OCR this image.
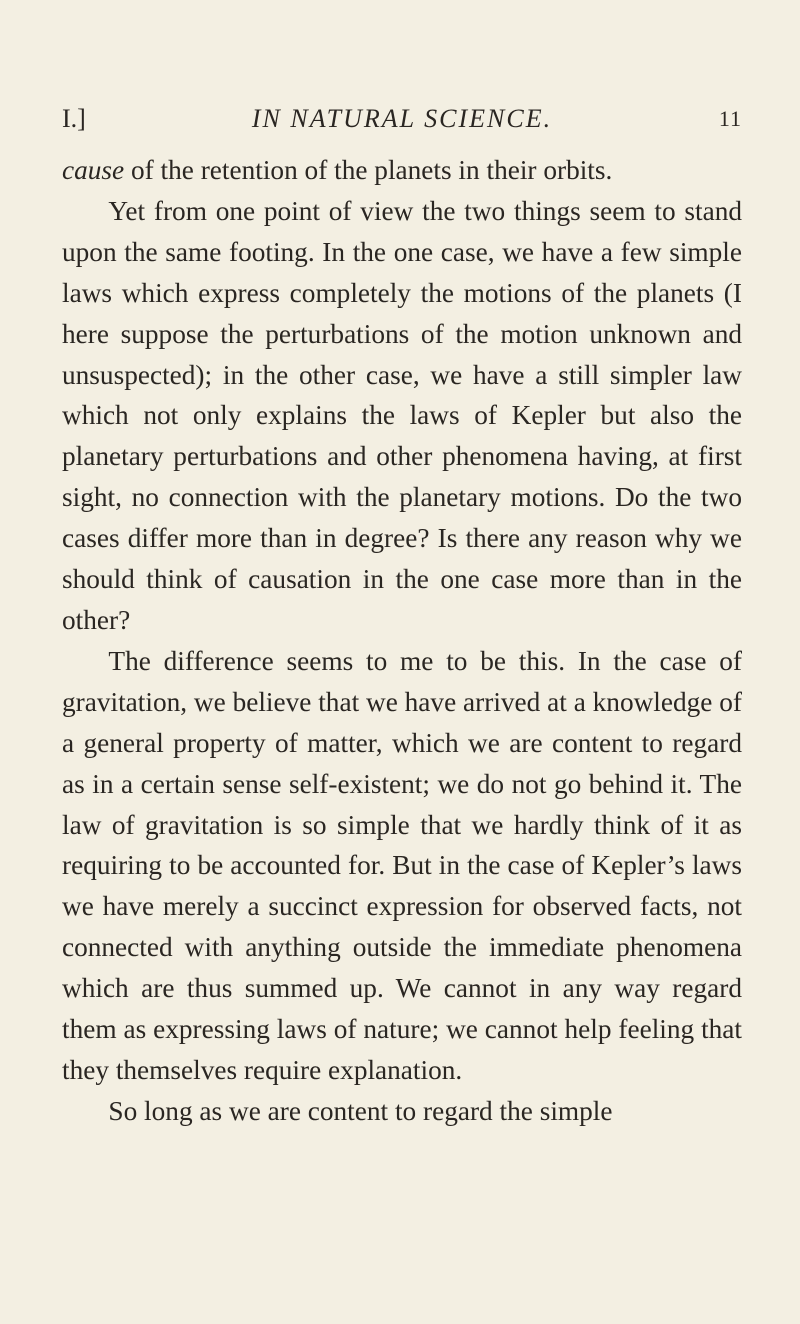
I.]	IN NATURAL SCIENCE.	11

cause of the retention of the planets in their orbits.

Yet from one point of view the two things seem to stand upon the same footing. In the one case, we have a few simple laws which express completely the motions of the planets (I here suppose the perturbations of the motion unknown and unsuspected); in the other case, we have a still simpler law which not only explains the laws of Kepler but also the planetary perturbations and other phenomena having, at first sight, no connection with the planetary motions. Do the two cases differ more than in degree? Is there any reason why we should think of causation in the one case more than in the other?

The difference seems to me to be this. In the case of gravitation, we believe that we have arrived at a knowledge of a general property of matter, which we are content to regard as in a certain sense self-existent; we do not go behind it. The law of gravitation is so simple that we hardly think of it as requiring to be accounted for. But in the case of Kepler’s laws we have merely a succinct expression for observed facts, not connected with anything outside the immediate phenomena which are thus summed up. We cannot in any way regard them as expressing laws of nature; we cannot help feeling that they themselves require explanation.

So long as we are content to regard the simple
